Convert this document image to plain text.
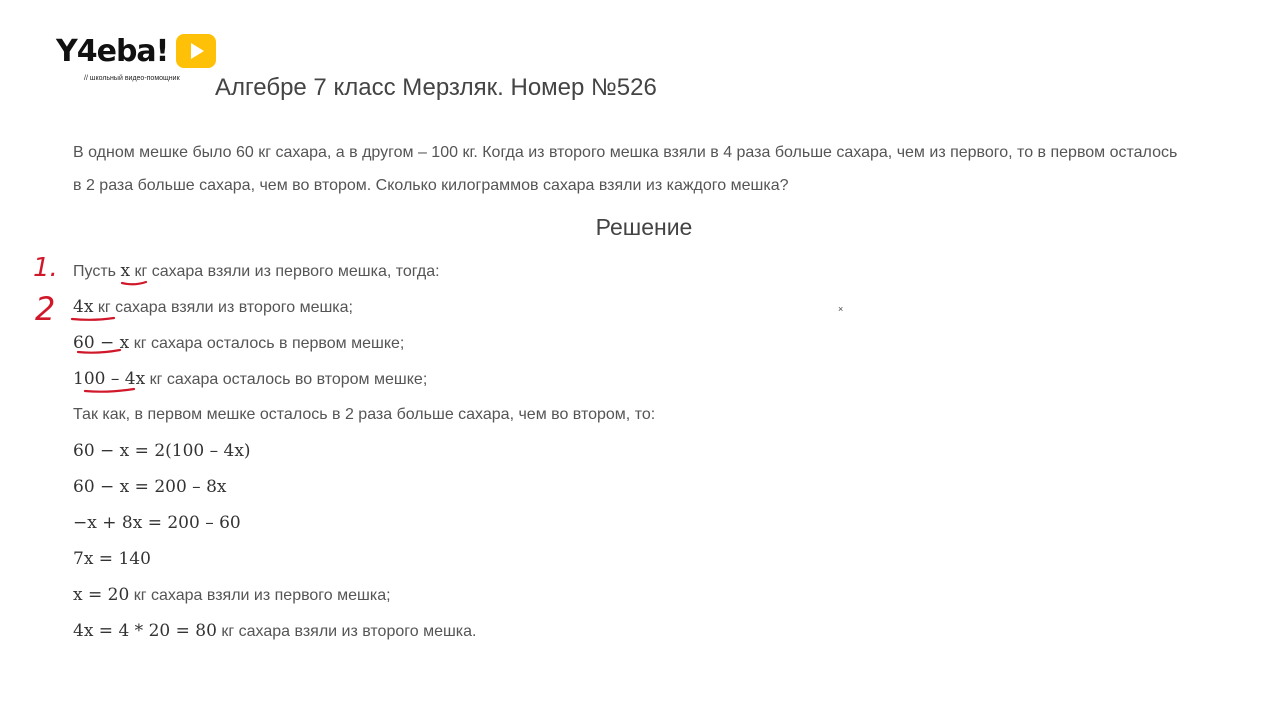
Y4eba!
// школьный видео-помощник Алгебре 7 класс Мерзляк. Номер №526

В одном мешке было 60 кг сахара, а в другом – 100 кг. Когда из второго мешка взяли в 4 раза больше сахара, чем из первого, то в первом осталось

в 2 раза больше сахара, чем во втором. Сколько килограммов сахара взяли из каждого мешка?

Решение
Пусть x кг сахара взяли из первого мешка, тогда:
4x кг сахара взяли из второго мешка;
60 − x кг сахара осталось в первом мешке;
100 – 4x кг сахара осталось во втором мешке;
Так как, в первом мешке осталось в 2 раза больше сахара, чем во втором, то:
60 − x = 2(100 – 4x)
60 − x = 200 – 8x
−x + 8x = 200 – 60
7x = 140
x = 20 кг сахара взяли из первого мешка;
4x = 4 * 20 = 80 кг сахара взяли из второго мешка.
1.
2	×
